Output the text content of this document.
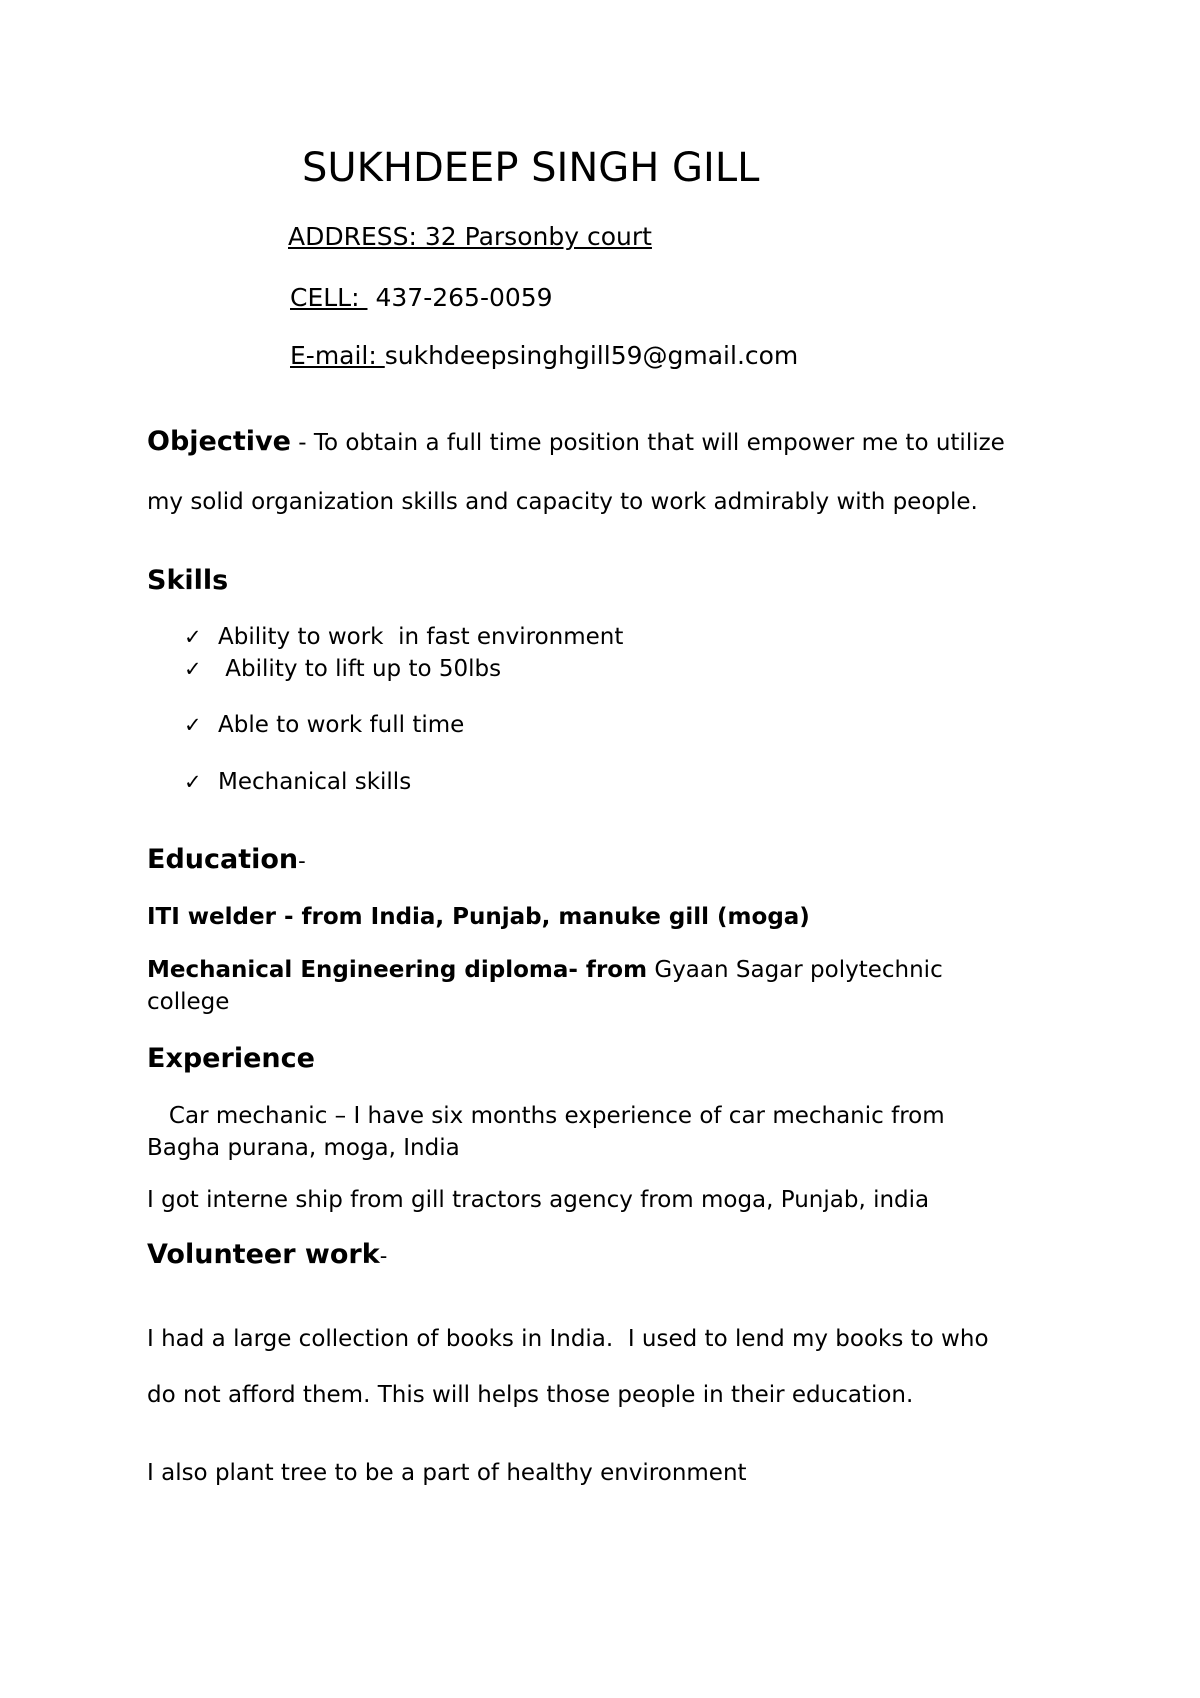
SUKHDEEP SINGH GILL
ADDRESS: 32 Parsonby court
CELL: 437-265-0059
E-mail: sukhdeepsinghgill59@gmail.com
Objective - To obtain a full time position that will empower me to utilize
my solid organization skills and capacity to work admirably with people.
Skills
✓ Ability to work  in fast environment
✓ Ability to lift up to 50lbs
✓ Able to work full time
✓ Mechanical skills
Education-
ITI welder - from India, Punjab, manuke gill (moga)
Mechanical Engineering diploma- from Gyaan Sagar polytechnic
college
Experience
Car mechanic – I have six months experience of car mechanic from
Bagha purana, moga, India
I got interne ship from gill tractors agency from moga, Punjab, india
Volunteer work-
I had a large collection of books in India.  I used to lend my books to who
do not afford them. This will helps those people in their education.
I also plant tree to be a part of healthy environment
